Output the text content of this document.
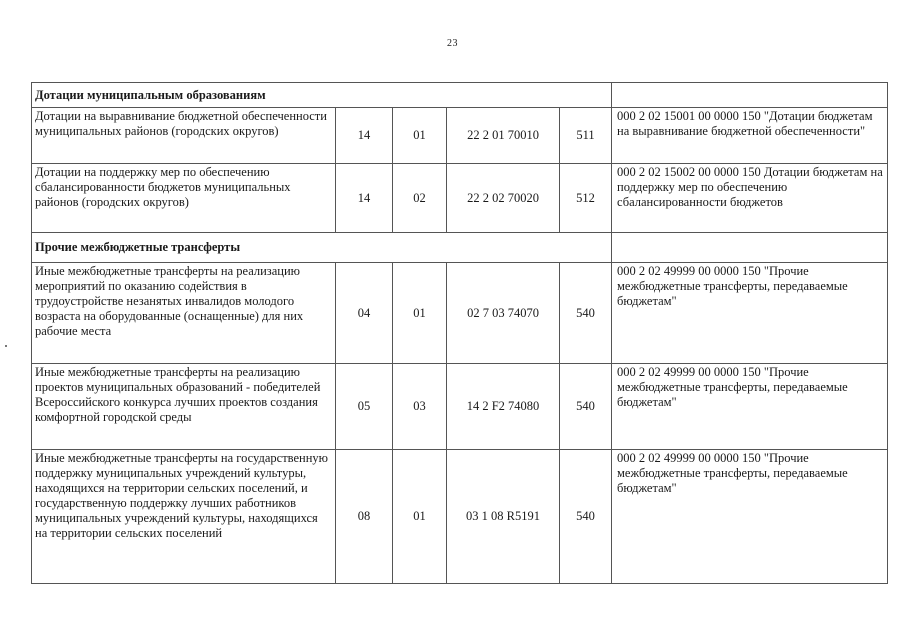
23
Дотации муниципальным образованиям					
Дотации на выравнивание бюджетной обеспеченности муниципальных районов (городских округов)	14	01	22 2 01 70010	511	000 2 02 15001 00 0000 150 "Дотации бюджетам на выравнивание бюджетной обеспеченности"
Дотации на поддержку мер по обеспечению сбалансированности бюджетов муниципальных районов (городских округов)	14	02	22 2 02 70020	512	000 2 02 15002 00 0000 150 Дотации бюджетам на поддержку мер по обеспечению сбалансированности бюджетов
Прочие межбюджетные трансферты					
Иные межбюджетные трансферты на реализацию мероприятий по оказанию содействия в трудоустройстве незанятых инвалидов молодого возраста на оборудованные (оснащенные) для них рабочие места	04	01	02 7 03 74070	540	000 2 02 49999 00 0000 150 "Прочие межбюджетные трансферты, передаваемые бюджетам"
Иные межбюджетные трансферты на реализацию проектов муниципальных образований - победителей Всероссийского конкурса лучших проектов создания комфортной городской среды	05	03	14 2 F2 74080	540	000 2 02 49999 00 0000 150 "Прочие межбюджетные трансферты, передаваемые бюджетам"
Иные межбюджетные трансферты на государственную поддержку муниципальных учреждений культуры, находящихся на территории сельских поселений, и государственную поддержку лучших работников муниципальных учреждений культуры, находящихся на территории сельских поселений	08	01	03 1 08 R5191	540	000 2 02 49999 00 0000 150 "Прочие межбюджетные трансферты, передаваемые бюджетам"
